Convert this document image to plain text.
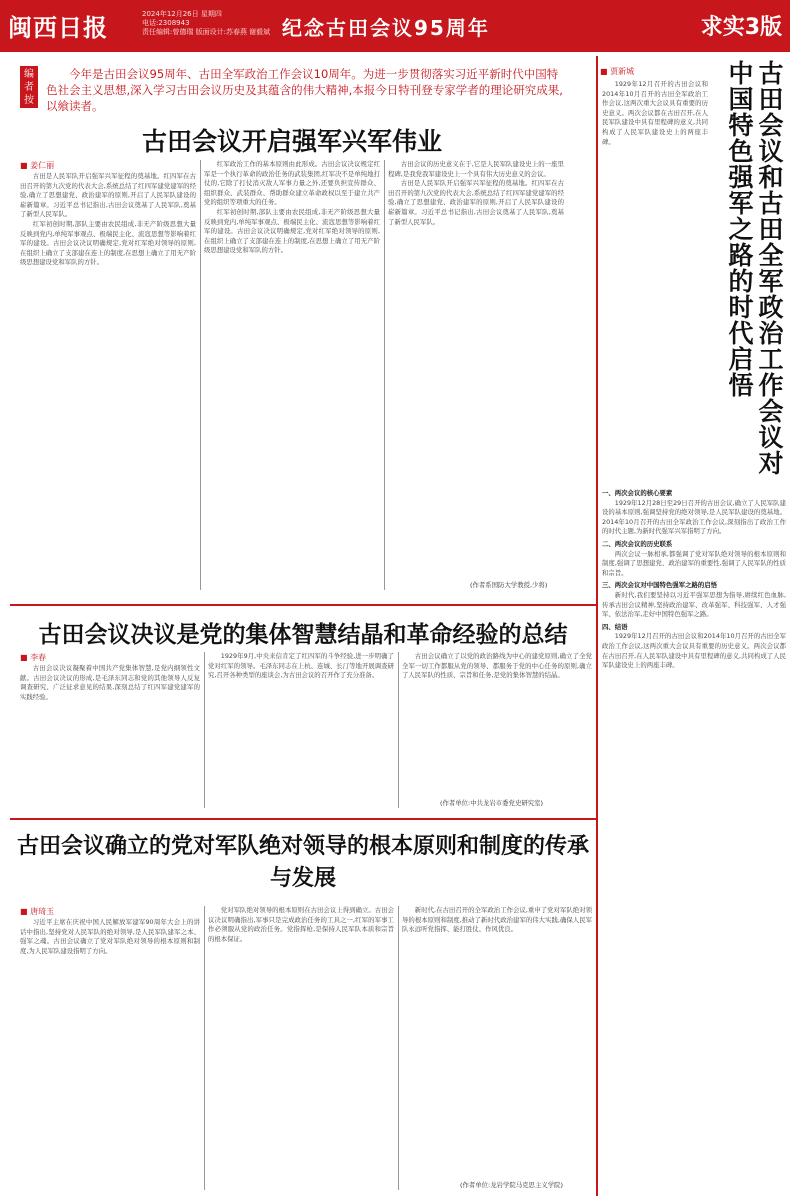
闽西日报	2024年12月26日 星期四
电话:2308943
责任编辑:曾德瑞 版面设计:苏春燕 谢毅斌 纪念古田会议95周年	求实3版
编者按
今年是古田会议95周年、古田全军政治工作会议10周年。为进一步贯彻落实习近平新时代中国特色社会主义思想,深入学习古田会议历史及其蕴含的伟大精神,本报今日特刊登专家学者的理论研究成果,以飨读者。	古田会议和古田全军政治工作会议对中国特色强军之路的时代启悟
■ 贾新城
古田会议开启强军兴军伟业
■ 姜仁丽

古田是人民军队开启强军兴军征程的奠基地。红四军在古田召开的第九次党的代表大会,系统总结了红四军建党建军的经验,确立了思想建党、政治建军的原则,开启了人民军队建设的崭新篇章。习近平总书记指出,古田会议奠基了人民军队,奠基了新型人民军队。

红军初创时期,部队主要由农民组成,非无产阶级思想大量反映到党内,单纯军事观点、极端民主化、流寇思想等影响着红军的建设。古田会议决议明确规定,党对红军绝对领导的原则,在组织上确立了支部建在连上的制度,在思想上确立了用无产阶级思想建设党和军队的方针。

红军政治工作的基本原则由此形成。古田会议决议规定红军是一个执行革命的政治任务的武装集团,红军决不是单纯地打仗的,它除了打仗消灭敌人军事力量之外,还要负担宣传群众、组织群众、武装群众、帮助群众建立革命政权以至于建立共产党的组织等项重大的任务。

红军初创时期,部队主要由农民组成,非无产阶级思想大量反映到党内,单纯军事观点、极端民主化、流寇思想等影响着红军的建设。古田会议决议明确规定,党对红军绝对领导的原则,在组织上确立了支部建在连上的制度,在思想上确立了用无产阶级思想建设党和军队的方针。

古田会议的历史意义在于,它是人民军队建设史上的一座里程碑,是我党我军建设史上一个具有伟大历史意义的会议。

古田是人民军队开启强军兴军征程的奠基地。红四军在古田召开的第九次党的代表大会,系统总结了红四军建党建军的经验,确立了思想建党、政治建军的原则,开启了人民军队建设的崭新篇章。习近平总书记指出,古田会议奠基了人民军队,奠基了新型人民军队。

(作者系国防大学教授,少将)
古田会议决议是党的集体智慧结晶和革命经验的总结
■ 李春

古田会议决议凝聚着中国共产党集体智慧,是党内纲领性文献。古田会议决议的形成,是毛泽东同志和党的其他领导人反复调查研究、广泛征求意见的结果,深刻总结了红四军建党建军的实践经验。

1929年9月,中央来信肯定了红四军的斗争经验,进一步明确了党对红军的领导。毛泽东同志在上杭、连城、长汀等地开展调查研究,召开各种类型的座谈会,为古田会议的召开作了充分准备。

古田会议确立了以党的政治路线为中心的建党原则,确立了全党全军一切工作都服从党的领导、都服务于党的中心任务的原则,确立了人民军队的性质、宗旨和任务,是党的集体智慧的结晶。

(作者单位:中共龙岩市委党史研究室)
古田会议确立的党对军队绝对领导的根本原则和制度的传承与发展
■ 唐琦玉

习近平主席在庆祝中国人民解放军建军90周年大会上的讲话中指出,坚持党对人民军队的绝对领导,是人民军队建军之本、强军之魂。古田会议确立了党对军队绝对领导的根本原则和制度,为人民军队建设指明了方向。

党对军队绝对领导的根本原则在古田会议上得到确立。古田会议决议明确指出,军事只是完成政治任务的工具之一,红军的军事工作必须服从党的政治任务。党指挥枪,是保持人民军队本质和宗旨的根本保证。

新时代,在古田召开的全军政治工作会议,重申了党对军队绝对领导的根本原则和制度,推动了新时代政治建军的伟大实践,确保人民军队永远听党指挥、能打胜仗、作风优良。

(作者单位:龙岩学院马克思主义学院)

1929年12月召开的古田会议和2014年10月召开的古田全军政治工作会议,这两次重大会议具有重要的历史意义。两次会议都在古田召开,在人民军队建设中具有里程碑的意义,共同构成了人民军队建设史上的两座丰碑。

一、两次会议的核心要素

1929年12月28日至29日召开的古田会议,确立了人民军队建设的基本原则,强调坚持党的绝对领导,是人民军队建设的奠基地。2014年10月召开的古田全军政治工作会议,深刻指出了政治工作的时代主题,为新时代强军兴军指明了方向。

二、两次会议的历史联系

两次会议一脉相承,都强调了党对军队绝对领导的根本原则和制度,强调了思想建党、政治建军的重要性,强调了人民军队的性质和宗旨。

三、两次会议对中国特色强军之路的启悟

新时代,我们要坚持以习近平强军思想为指导,赓续红色血脉,传承古田会议精神,坚持政治建军、改革强军、科技强军、人才强军、依法治军,走好中国特色强军之路。

四、结语

1929年12月召开的古田会议和2014年10月召开的古田全军政治工作会议,这两次重大会议具有重要的历史意义。两次会议都在古田召开,在人民军队建设中具有里程碑的意义,共同构成了人民军队建设史上的两座丰碑。
